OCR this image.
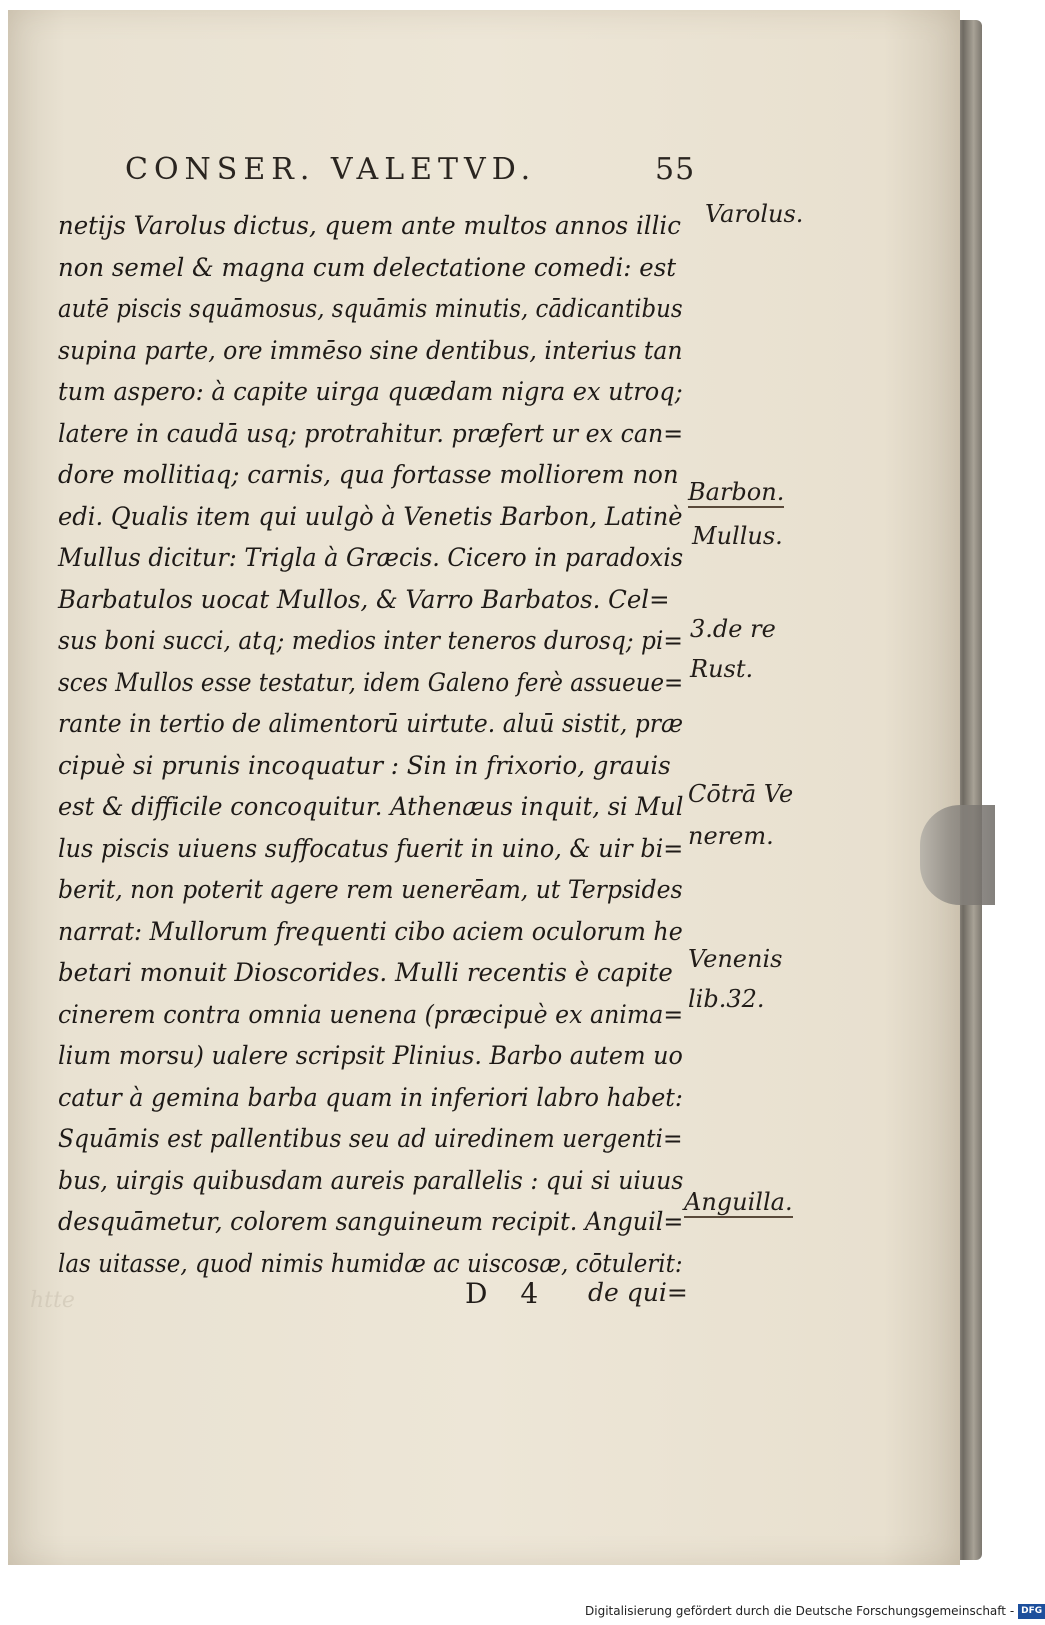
htte
CONSER. VALETVD.	55
netijs Varolus dictus, quem ante multos annos illic
non semel & magna cum delectatione comedi: est
autē piscis squāmosus, squāmis minutis, cādicantibus
supina parte, ore immēso sine dentibus, interius tan
tum aspero: à capite uirga quædam nigra ex utroq;
latere in caudā usq; protrahitur. præfert ur ex can=
dore mollitiaq; carnis, qua fortasse molliorem non
edi. Qualis item qui uulgò à Venetis Barbon, Latinè
Mullus dicitur: Trigla à Græcis. Cicero in paradoxis
Barbatulos uocat Mullos, & Varro Barbatos. Cel=
sus boni succi, atq; medios inter teneros durosq; pi=
sces Mullos esse testatur, idem Galeno ferè assueue=
rante in tertio de alimentorū uirtute. aluū sistit, præ
cipuè si prunis incoquatur : Sin in frixorio, grauis
est & difficile concoquitur. Athenæus inquit, si Mul
lus piscis uiuens suffocatus fuerit in uino, & uir bi=
berit, non poterit agere rem uenerēam, ut Terpsides
narrat: Mullorum frequenti cibo aciem oculorum he
betari monuit Dioscorides. Mulli recentis è capite
cinerem contra omnia uenena (præcipuè ex anima=
lium morsu) ualere scripsit Plinius. Barbo autem uo
catur à gemina barba quam in inferiori labro habet:
Squāmis est pallentibus seu ad uiredinem uergenti=
bus, uirgis quibusdam aureis parallelis : qui si uiuus
desquāmetur, colorem sanguineum recipit. Anguil=
las uitasse, quod nimis humidæ ac uiscosæ, cōtulerit:
Varolus.
Barbon.
Mullus.
3.de re
Rust.
Cōtrā Ve
nerem.
Venenis
lib.32.
Anguilla.
D 4 de qui=
Digitalisierung gefördert durch die Deutsche Forschungsgemeinschaft - DFG
